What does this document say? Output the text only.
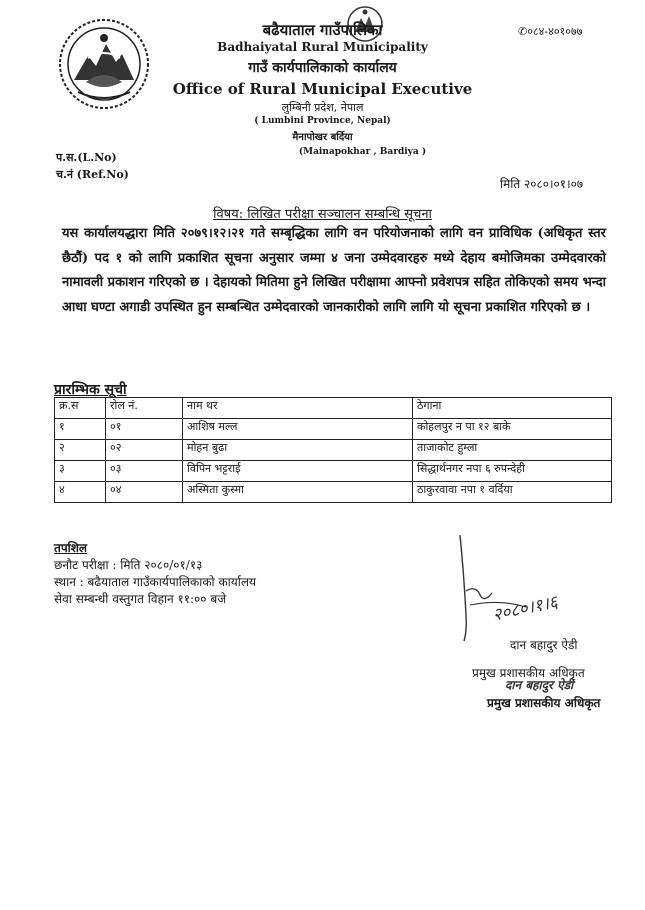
बढैयाताल गाउँपालिका
Badhaiyatal Rural Municipality
गाउँ कार्यपालिकाको कार्यालय
Office of Rural Municipal Executive
लुम्बिनी प्रदेश, नेपाल
( Lumbini Province, Nepal)
मैनापोखर बर्दिया
(Mainapokhar , Bardiya )
✆०८४-४०१०७७
प.स.(L.No)
च.नं (Ref.No)
मिति २०८०।०१।०७
विषय: लिखित परीक्षा सञ्चालन सम्बन्धि सूचना
यस कार्यालयद्धारा मिति २०७९।१२।२१ गते सम्बृद्धिका लागि वन परियोजनाको लागि वन प्राविधिक (अधिकृत स्तर छैठौं) पद १ को लागि प्रकाशित सूचना अनुसार जम्मा ४ जना उम्मेदवारहरु मध्ये देहाय बमोजिमका उम्मेदवारको नामावली प्रकाशन गरिएको छ । देहायको मितिमा हुने लिखित परीक्षामा आफ्नो प्रवेशपत्र सहित तोकिएको समय भन्दा आधा घण्टा अगाडी उपस्थित हुन सम्बन्धित उम्मेदवारको जानकारीको लागि लागि यो सूचना प्रकाशित गरिएको छ ।
प्रारम्भिक सूची
क्र.स	रोल नं.	नाम थर	ठेगाना
१	०१	आशिष मल्ल	कोहलपुर न पा १२ बाके
२	०२	मोहन बुढा	ताजाकोट हुम्ला
३	०३	विपिन भट्टराई	सिद्धार्थनगर नपा ६ रुपन्देही
४	०४	अस्मिता कुस्मा	ठाकुरवावा नपा १ वर्दिया
तपशिल
छनौट परीक्षा : मिति २०८०/०१/१३
स्थान : बढैयाताल गाउँकार्यपालिकाको कार्यालय
सेवा सम्बन्धी वस्तुगत विहान ११:०० बजे	२०८०।१।६
दान बहादुर ऐडी
प्रमुख प्रशासकीय अधिकृत
दान बहादुर ऐडी
प्रमुख प्रशासकीय अधिकृत
